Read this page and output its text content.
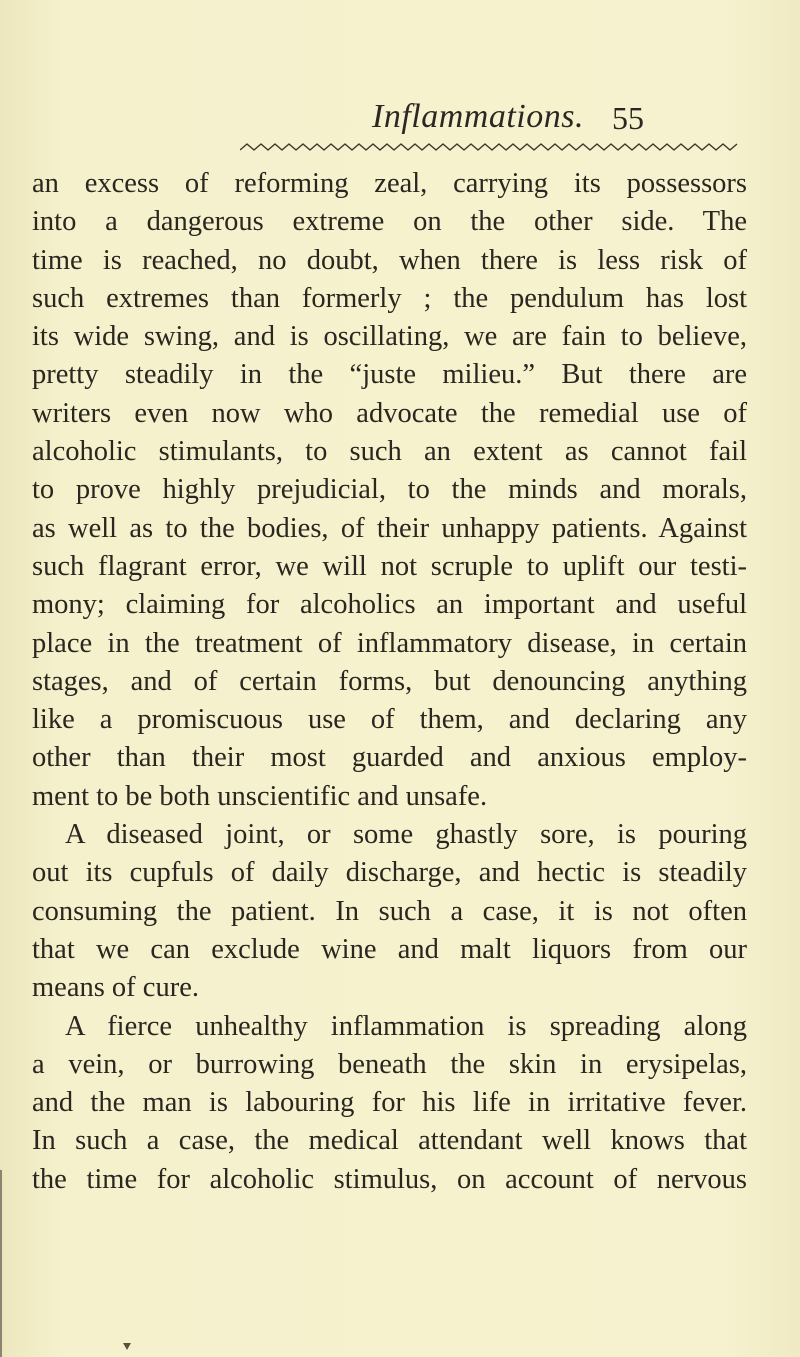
Inflammations. 55
an excess of reforming zeal, carrying its possessors
into a dangerous extreme on the other side. The
time is reached, no doubt, when there is less risk of
such extremes than formerly ; the pendulum has lost
its wide swing, and is oscillating, we are fain to believe,
pretty steadily in the “juste milieu.” But there are
writers even now who advocate the remedial use of
alcoholic stimulants, to such an extent as cannot fail
to prove highly prejudicial, to the minds and morals,
as well as to the bodies, of their unhappy patients. Against
such flagrant error, we will not scruple to uplift our testi-
mony; claiming for alcoholics an important and useful
place in the treatment of inflammatory disease, in certain
stages, and of certain forms, but denouncing anything
like a promiscuous use of them, and declaring any
other than their most guarded and anxious employ-
ment to be both unscientific and unsafe.
A diseased joint, or some ghastly sore, is pouring
out its cupfuls of daily discharge, and hectic is steadily
consuming the patient. In such a case, it is not often
that we can exclude wine and malt liquors from our
means of cure.
A fierce unhealthy inflammation is spreading along
a vein, or burrowing beneath the skin in erysipelas,
and the man is labouring for his life in irritative fever.
In such a case, the medical attendant well knows that
the time for alcoholic stimulus, on account of nervous
